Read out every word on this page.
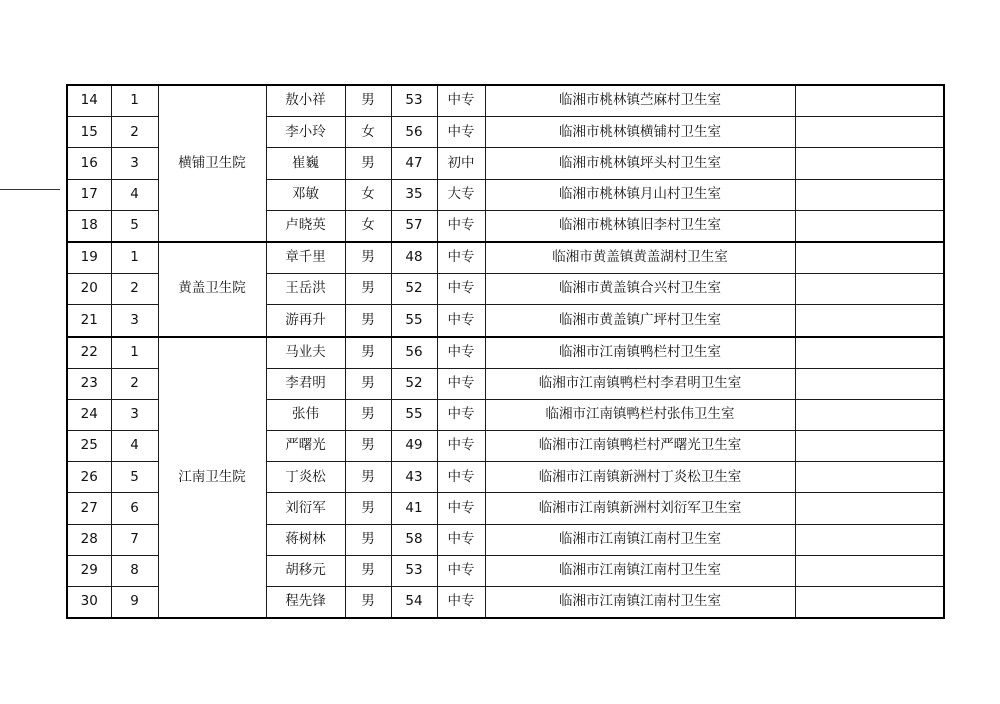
14	1	横铺卫生院	敖小祥	男	53	中专	临湘市桃林镇苎麻村卫生室	
15	2		李小玲	女	56	中专	临湘市桃林镇横铺村卫生室	
16	3		崔巍	男	47	初中	临湘市桃林镇坪头村卫生室	
17	4		邓敏	女	35	大专	临湘市桃林镇月山村卫生室	
18	5		卢晓英	女	57	中专	临湘市桃林镇旧李村卫生室	
19	1	黄盖卫生院	章千里	男	48	中专	临湘市黄盖镇黄盖湖村卫生室	
20	2		王岳洪	男	52	中专	临湘市黄盖镇合兴村卫生室	
21	3		游再升	男	55	中专	临湘市黄盖镇广坪村卫生室	
22	1	江南卫生院	马业夫	男	56	中专	临湘市江南镇鸭栏村卫生室	
23	2		李君明	男	52	中专	临湘市江南镇鸭栏村李君明卫生室	
24	3		张伟	男	55	中专	临湘市江南镇鸭栏村张伟卫生室	
25	4		严曙光	男	49	中专	临湘市江南镇鸭栏村严曙光卫生室	
26	5		丁炎松	男	43	中专	临湘市江南镇新洲村丁炎松卫生室	
27	6		刘衍军	男	41	中专	临湘市江南镇新洲村刘衍军卫生室	
28	7		蒋树林	男	58	中专	临湘市江南镇江南村卫生室	
29	8		胡移元	男	53	中专	临湘市江南镇江南村卫生室	
30	9		程先锋	男	54	中专	临湘市江南镇江南村卫生室	
